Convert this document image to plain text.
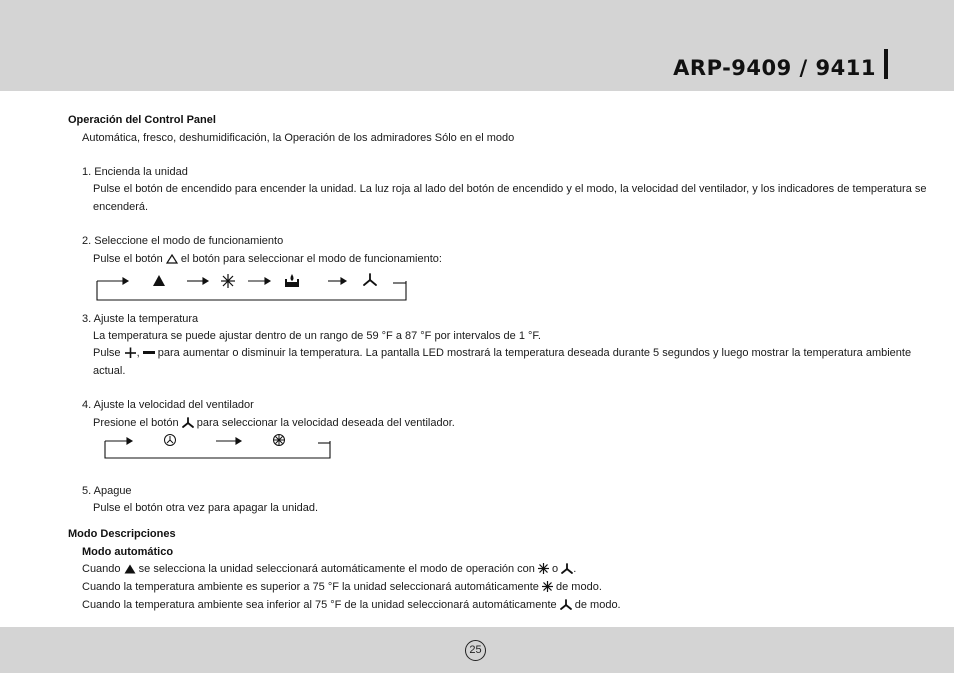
ARP-9409 / 9411
Operación del Control Panel
Automática, fresco, deshumidificación, la Operación de los admiradores Sólo en el modo
1. Encienda la unidad
Pulse el botón de encendido para encender la unidad. La luz roja al lado del botón de encendido y el modo, la velocidad del ventilador, y los indicadores de temperatura se
encenderá.
2. Seleccione el modo de funcionamiento
Pulse el botón el botón para seleccionar el modo de funcionamiento:
3. Ajuste la temperatura
La temperatura se puede ajustar dentro de un rango de 59 °F a 87 °F por intervalos de 1 °F.
Pulse , para aumentar o disminuir la temperatura. La pantalla LED mostrará la temperatura deseada durante 5 segundos y luego mostrar la temperatura ambiente
actual.
4. Ajuste la velocidad del ventilador
Presione el botón para seleccionar la velocidad deseada del ventilador.
5. Apague
Pulse el botón otra vez para apagar la unidad.
Modo Descripciones
Modo automático
Cuando se selecciona la unidad seleccionará automáticamente el modo de operación con o .
Cuando la temperatura ambiente es superior a 75 °F la unidad seleccionará automáticamente de modo.
Cuando la temperatura ambiente sea inferior al 75 °F de la unidad seleccionará automáticamente de modo.
25
